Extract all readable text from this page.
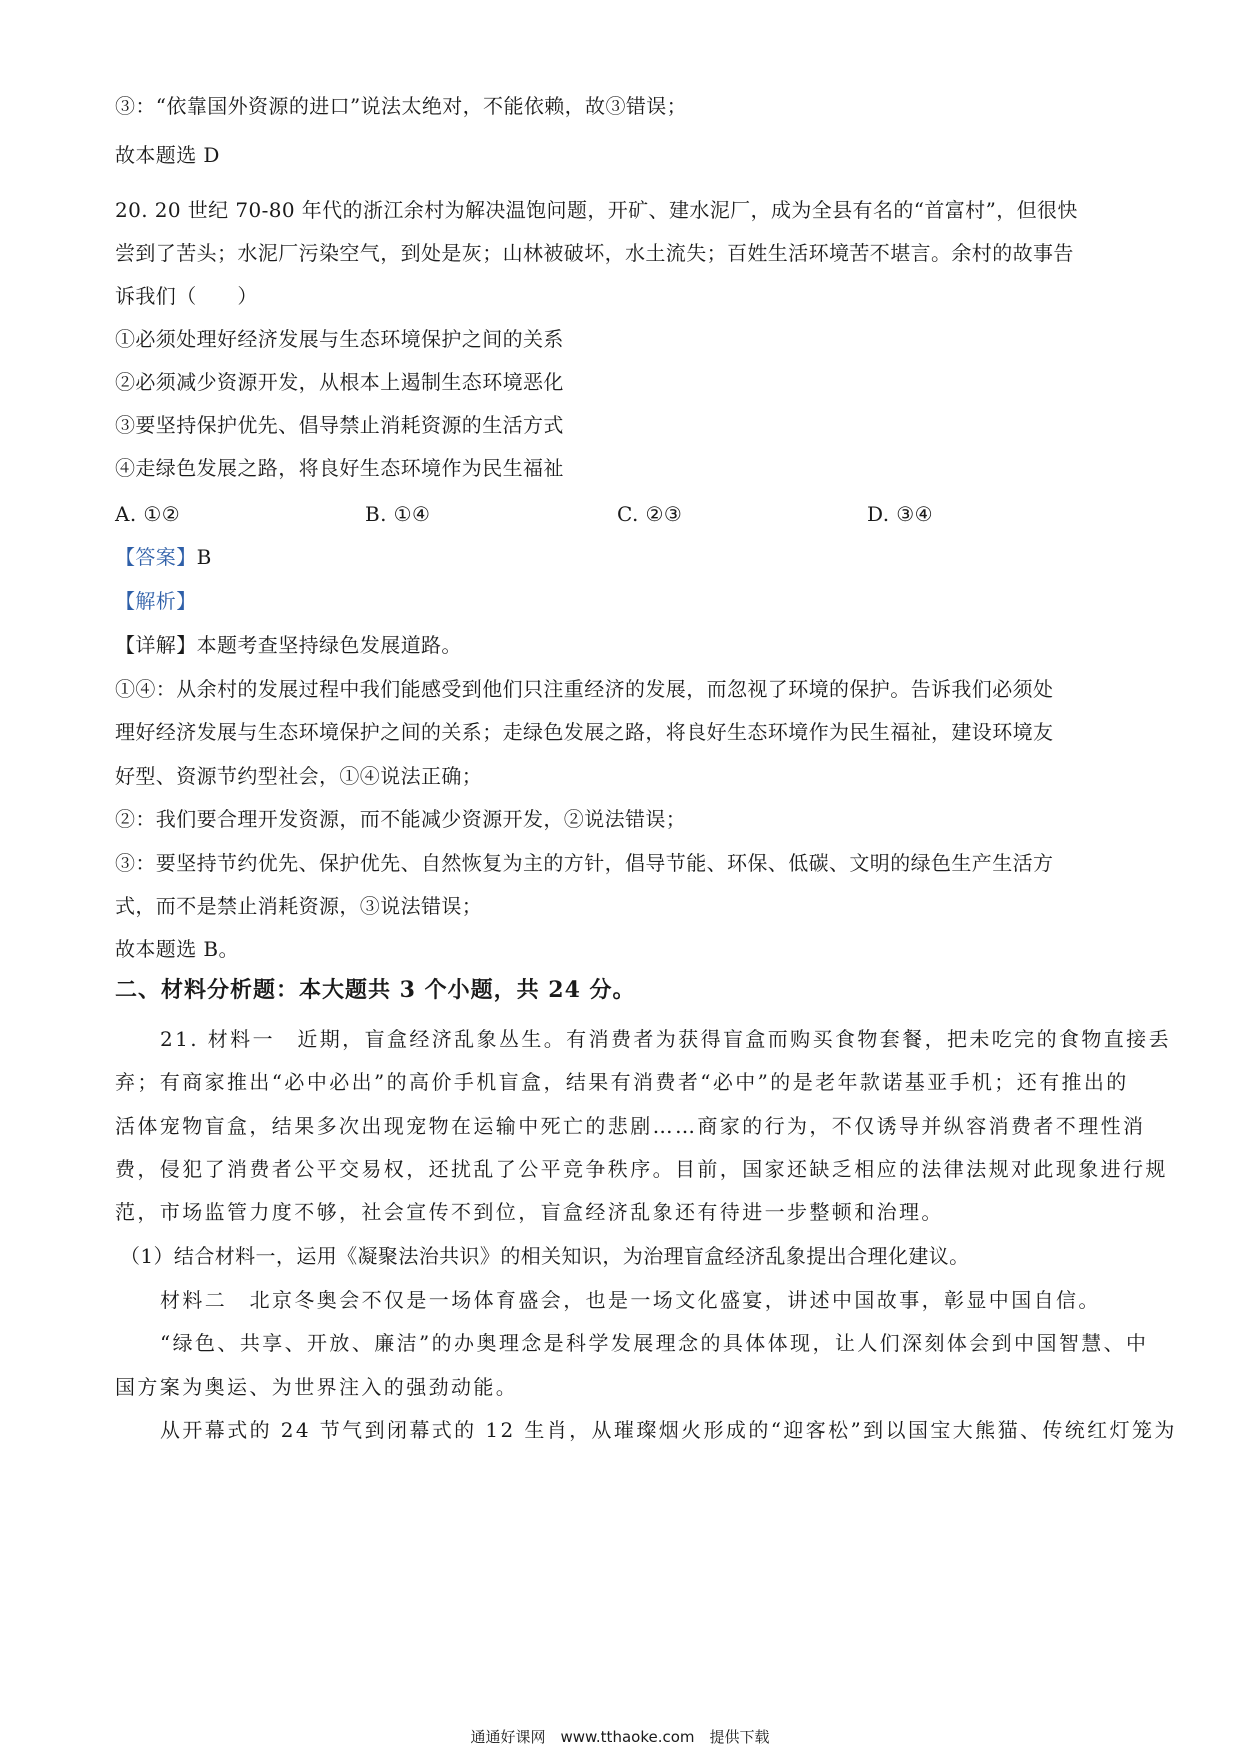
③：“依靠国外资源的进口”说法太绝对，不能依赖，故③错误；
故本题选 D
20. 20 世纪 70-80 年代的浙江余村为解决温饱问题，开矿、建水泥厂，成为全县有名的“首富村”，但很快
尝到了苦头；水泥厂污染空气，到处是灰；山林被破坏，水土流失；百姓生活环境苦不堪言。余村的故事告
诉我们（　　）
①必须处理好经济发展与生态环境保护之间的关系
②必须减少资源开发，从根本上遏制生态环境恶化
③要坚持保护优先、倡导禁止消耗资源的生活方式
④走绿色发展之路，将良好生态环境作为民生福祉
A. ①②	B. ①④	C. ②③	D. ③④
【答案】B
【解析】
【详解】本题考查坚持绿色发展道路。
①④：从余村的发展过程中我们能感受到他们只注重经济的发展，而忽视了环境的保护。告诉我们必须处
理好经济发展与生态环境保护之间的关系；走绿色发展之路，将良好生态环境作为民生福祉，建设环境友
好型、资源节约型社会，①④说法正确；
②：我们要合理开发资源，而不能减少资源开发，②说法错误；
③：要坚持节约优先、保护优先、自然恢复为主的方针，倡导节能、环保、低碳、文明的绿色生产生活方
式，而不是禁止消耗资源，③说法错误；
故本题选 B。
二、材料分析题：本大题共 3 个小题，共 24 分。
21. 材料一　近期，盲盒经济乱象丛生。有消费者为获得盲盒而购买食物套餐，把未吃完的食物直接丢
弃；有商家推出“必中必出”的高价手机盲盒，结果有消费者“必中”的是老年款诺基亚手机；还有推出的
活体宠物盲盒，结果多次出现宠物在运输中死亡的悲剧……商家的行为，不仅诱导并纵容消费者不理性消
费，侵犯了消费者公平交易权，还扰乱了公平竞争秩序。目前，国家还缺乏相应的法律法规对此现象进行规
范，市场监管力度不够，社会宣传不到位，盲盒经济乱象还有待进一步整顿和治理。
（1）结合材料一，运用《凝聚法治共识》的相关知识，为治理盲盒经济乱象提出合理化建议。
材料二　北京冬奥会不仅是一场体育盛会，也是一场文化盛宴，讲述中国故事，彰显中国自信。
“绿色、共享、开放、廉洁”的办奥理念是科学发展理念的具体体现，让人们深刻体会到中国智慧、中
国方案为奥运、为世界注入的强劲动能。
从开幕式的 24 节气到闭幕式的 12 生肖，从璀璨烟火形成的“迎客松”到以国宝大熊猫、传统红灯笼为
通通好课网　www.tthaoke.com　提供下载
